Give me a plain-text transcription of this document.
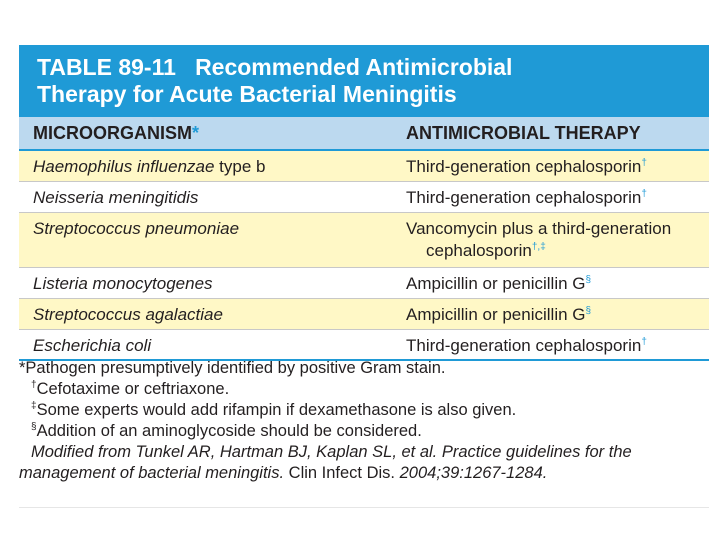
TABLE 89-11   Recommended Antimicrobial
Therapy for Acute Bacterial Meningitis
MICROORGANISM*	ANTIMICROBIAL THERAPY
Haemophilus influenzae type b	Third-generation cephalosporin†
Neisseria meningitidis	Third-generation cephalosporin†
Streptococcus pneumoniae	Vancomycin plus a third-generation
cephalosporin†,‡
Listeria monocytogenes	Ampicillin or penicillin G§
Streptococcus agalactiae	Ampicillin or penicillin G§
Escherichia coli	Third-generation cephalosporin†

*Pathogen presumptively identified by positive Gram stain.

†Cefotaxime or ceftriaxone.

‡Some experts would add rifampin if dexamethasone is also given.

§Addition of an aminoglycoside should be considered.

Modified from Tunkel AR, Hartman BJ, Kaplan SL, et al. Practice guidelines for the management of bacterial meningitis. Clin Infect Dis. 2004;39:1267-1284.
